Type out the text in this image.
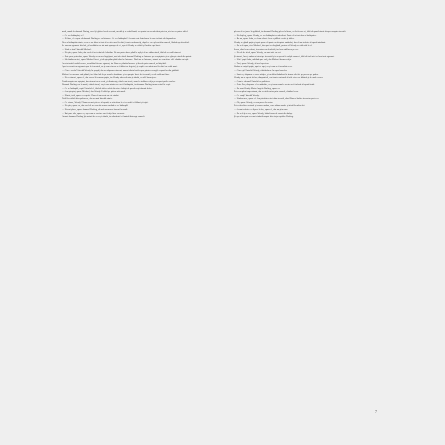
mult, umaă de domnul Daring, care îşi găsise locul cuvenit, merită şi o vorbă bună; s-a purtat ca un adevărat prieten, nici nu se putea altfel.

— Ce s-a întâmplat, ce?

— Ei bine, el a spus că domnul Darling se va întoarce. Ce s-a întâmplat? Aceasta este întrebarea la care trebuie să răspundem.

Nu s-a întâmplat nimic; ceea ce au făcut a fost să se uite unul la altul, foarte nedumeriţi, după ce ea a plecat din cameră, lăsând uşa deschisă.

Se auzeau zgomote din hol, şi bucătăria era tot mai aproape de ei, aşa că Wendy se ridică şi închise uşa încet.

— Unde a fost? întrebă Michael.

— Nu ştiu, spuse John, dar cred că ar trebui să-l căutăm. Ne-am putea duce până la uşă şi să ne uităm afară, fără să ne vadă nimeni.

— Este prea periculos, spuse Wendy cu un aer îngrijorat, mai ales dacă domnul Darling se întoarce pe neaşteptate şi ne găseşte afară din paturi.

— Să rămânem aici, spuse Michael încet, şi să aşteptăm până când se întoarce. Dacă nu se întoarce, atunci ne vom duce să-l căutăm cu toţii.

Au stat astfel multă vreme, ascultând fiecare zgomot, iar Nana se plimba încoace şi încolo prin cameră, nelinişitită.

Apoi s-a auzit un zgomot uşor la fereastră, ca şi cum cineva ar fi bătut cu degetul, şi copiii s-au uitat unul la altul cu ochii mari.

— Cine e acolo? întrebă Wendy în şoaptă, dar nu răspunse nimeni; numai vântul sufla uşor printre crengile copacilor din grădină.

Michael se ascunse sub pătură, iar John luă de pe masă o lumânare şi se apropie încet de fereastră, ca să vadă mai bine.

— Nu e nimeni, spuse el, dar vocea îi tremura puţin, iar Wendy observă asta şi zâmbi, ca să-l încurajeze.

Toată noaptea au aşteptat, dar nimeni nu a venit, şi dimineaţa, când s-au trezit, soarele strălucea deja pe acoperişurile caselor.

Domnul Darling era la masă, citind ziarul, ca şi cum nimic nu s-ar fi întâmplat, iar doamna Darling turna ceaiul în ceşti.

— Ce se întâmplă, copii? întrebă el, fără să ridice ochii din ziar. Arătaţi de parcă n-aţi dormit deloc.

— Am aşteptat, spuse Michael, dar Wendy îl călcă pe picior sub masă.

— Nimic, tată, spuse ea repede. Doar că am avut un vis ciudat.

Tatăl lor ridică din sprâncene, dar nu mai întrebă nimic.

— Ce visase, Wendy? Nana nu mai ştia ce să spună; se uita doar la ei cu ochii ei blânzi şi trişti.

— Nu ştiu, spuse ea, dar cred că ne vom da seama curând ce se întâmplă.

— Nu-mi place, spuse domnul Darling, să aud asemenea lucruri la masă.

— Îmi pare rău, spuse ea, aşa cum se cuvine unei fetiţe bine crescute.

Atunci doamna Darling îşi aminti de ceva şi zâmbi, iar zâmbetul ei lumină întreaga cameră.

plecau să se joace în grădină, iar domnul Darling pleca la birou, ca în fiecare zi, fără să spună nimic despre noaptea trecută.

— Nu înţeleg, spuse Wendy, ce s-a întâmplat cu adevărat. Poate că a fost doar o închipuire.

— Ba nu, spuse John, eu l-am văzut. Avea o pălărie verde şi râdea.

Wendy se gândi puţin şi apoi spuse că poate au dreptate amândoi, dar că nu trebuie să spună nimănui.

— Eu o să spun, zise Michael, dar apoi se răzgândi, pentru că Wendy se uită urât la el.

Seara, când s-au culcat, fereastra era deschisă, iar luna strălucea pe cer.

— Nu vă fie frică, spuse Wendy, eu sunt aici cu voi.

Şi atunci, încet, umbra a intrat pe fereastră şi s-a aşezat în colţul camerei, fără să facă nici cel mai mic zgomot.

— Uite! şopti John, arătând spre colţ, dar Michael dormea deja.

— Taci, spuse Wendy, să nu-l speriem.

Umbra se mişcă puţin, apoi se opri, ca şi cum ar fi ascultat ceva.

— Cine eşti? întrebă Wendy, ridicându-se în capul oaselor.

— Sunt eu, răspunse o voce subţire, şi un băiat îmbrăcat în frunze sări de pe pervaz pe podea.

Wendy nu se sperie deloc; dimpotrivă, era foarte curioasă să afle cine era băiatul şi de unde venea.

— Cum te cheamă? întrebă ea politicos.

— Peter Pan, răspunse el cu mândrie, ca şi cum numele acesta ar fi trebuit să spună totul.

— Eu sunt Wendy Moira Angela Darling, spuse ea.

Peter nu păru impresionat, dar se uită curios prin cameră, căutând ceva.

— Ce cauţi? întrebă Wendy.

— Umbra mea, spuse el. Am pierdut-o aici data trecută, când Nana a închis fereastra peste ea.

— Oh, spuse Wendy, eu am pus-o în sertar.

Peter deschise sertarul şi scoase umbra, care atârna moale şi tristă în mâna lui.

— Acum trebuie s-o lipesc la loc, spuse el, dar nu ştiu cum.

— Eu o să ţi-o cos, spuse Wendy, luând trusa de cusut din dulap.

Şi aşa a început cea mai ciudată noapte din viaţa copiilor Darling.

7
